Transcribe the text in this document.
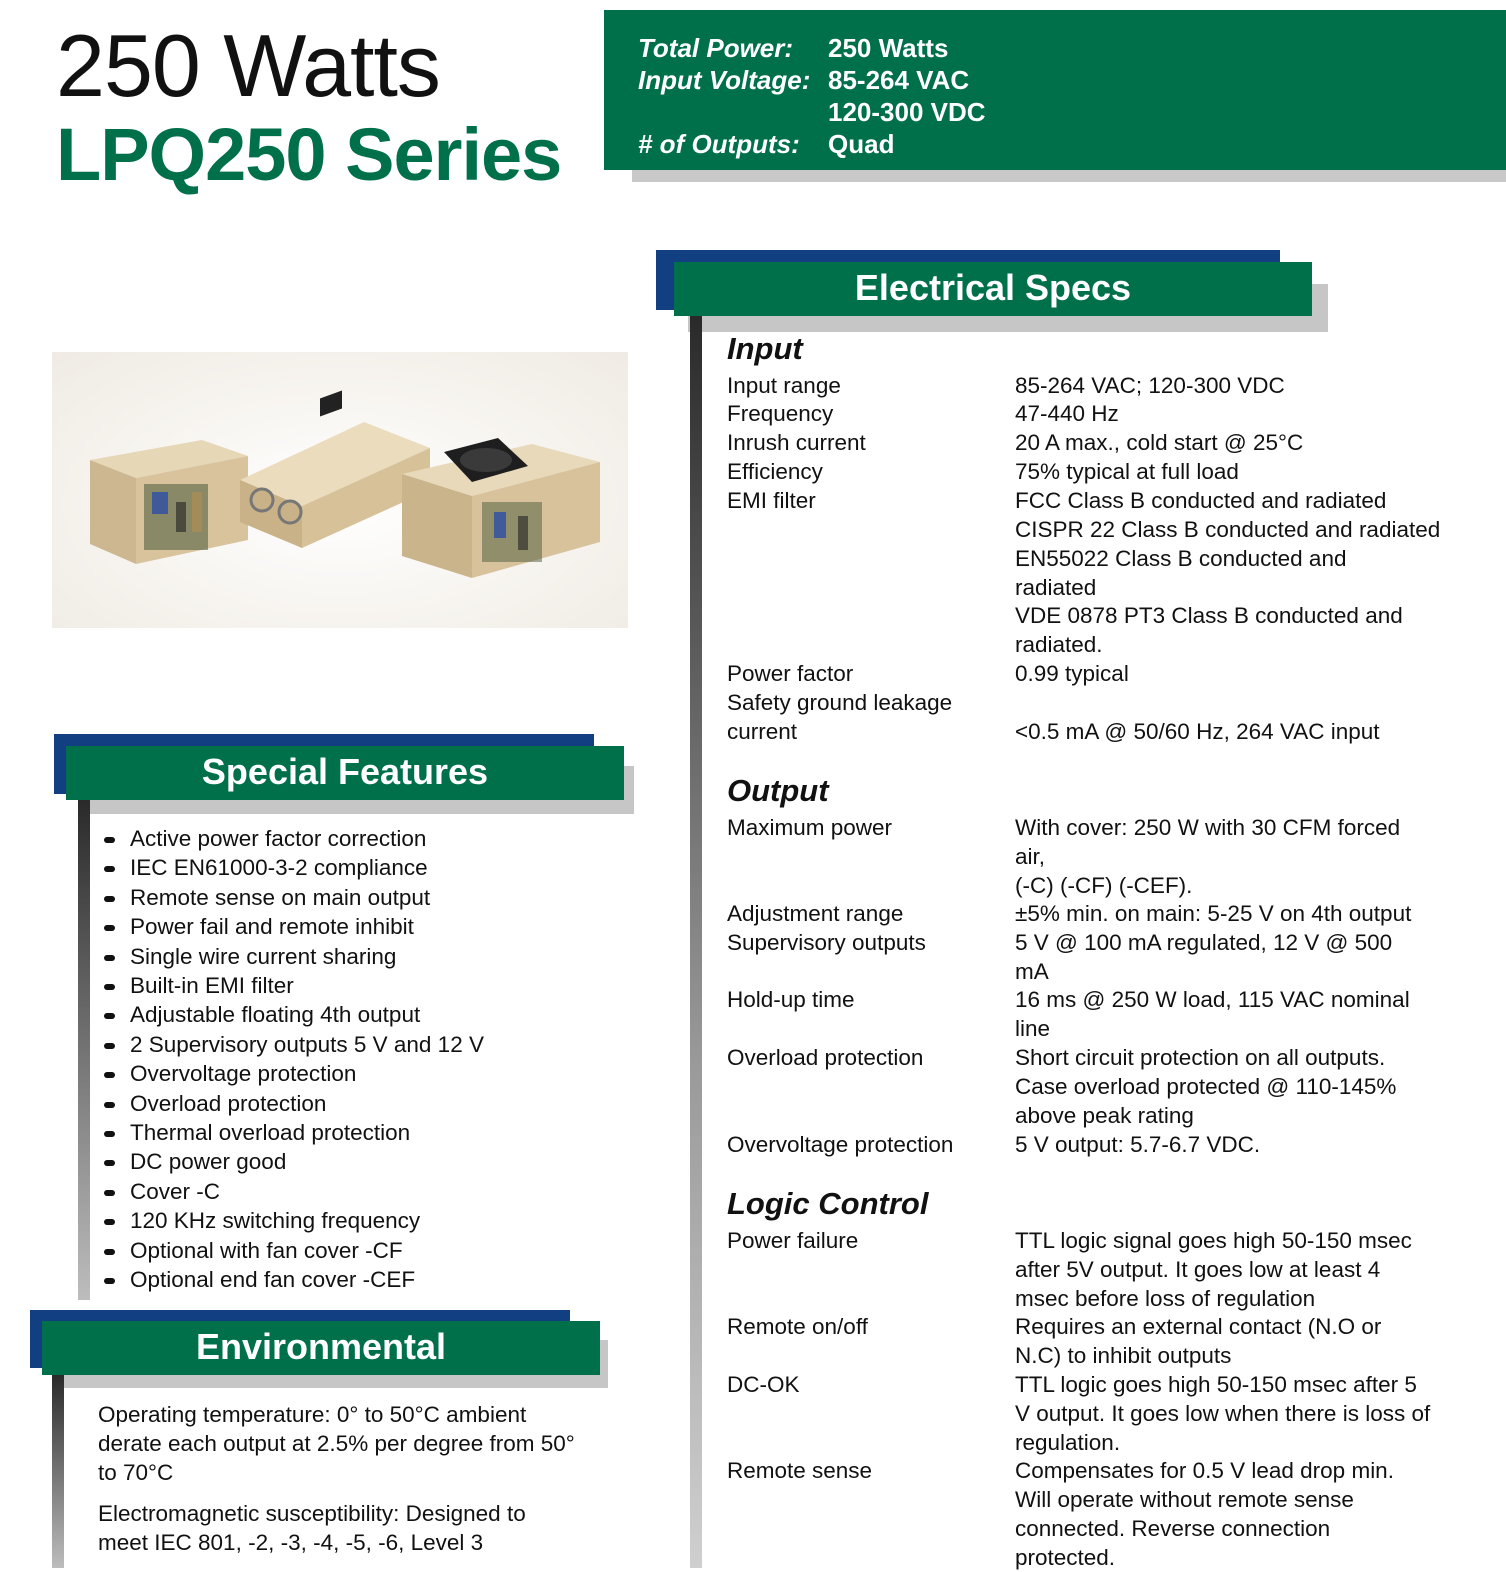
250 Watts
LPQ250 Series
Total Power: 250 Watts
Input Voltage: 85-264 VAC
120-300 VDC
# of Outputs: Quad
Special Features
Active power factor correction
IEC EN61000-3-2 compliance
Remote sense on main output
Power fail and remote inhibit
Single wire current sharing
Built-in EMI filter
Adjustable floating 4th output
2 Supervisory outputs 5 V and 12 V
Overvoltage protection
Overload protection
Thermal overload protection
DC power good
Cover -C
120 KHz switching frequency
Optional with fan cover -CF
Optional end fan cover -CEF
Environmental
Operating temperature: 0° to 50°C ambient derate each output at 2.5% per degree from 50° to 70°C
Electromagnetic susceptibility: Designed to meet IEC 801, -2, -3, -4, -5, -6, Level 3
Electrical Specs
Input
Input range	85-264 VAC; 120-300 VDC
Frequency	47-440 Hz
Inrush current	20 A max., cold start @ 25°C
Efficiency	75% typical at full load
EMI filter	FCC Class B conducted and radiated
CISPR 22 Class B conducted and radiated
EN55022 Class B conducted and radiated
VDE 0878 PT3 Class B conducted and radiated.
Power factor	0.99 typical
Safety ground leakage current	<0.5 mA @ 50/60 Hz, 264 VAC input
Output
Maximum power	With cover: 250 W with 30 CFM forced air,
(-C) (-CF) (-CEF).
Adjustment range	±5% min. on main: 5-25 V on 4th output
Supervisory outputs	5 V @ 100 mA regulated, 12 V @ 500 mA
Hold-up time	16 ms @ 250 W load, 115 VAC nominal line
Overload protection	Short circuit protection on all outputs. Case overload protected @ 110-145% above peak rating
Overvoltage protection	5 V output: 5.7-6.7 VDC.
Logic Control
Power failure	TTL logic signal goes high 50-150 msec after 5V output. It goes low at least 4 msec before loss of regulation
Remote on/off	Requires an external contact (N.O or N.C) to inhibit outputs
DC-OK	TTL logic goes high 50-150 msec after 5 V output. It goes low when there is loss of regulation.
Remote sense	Compensates for 0.5 V lead drop min. Will operate without remote sense connected. Reverse connection protected.
